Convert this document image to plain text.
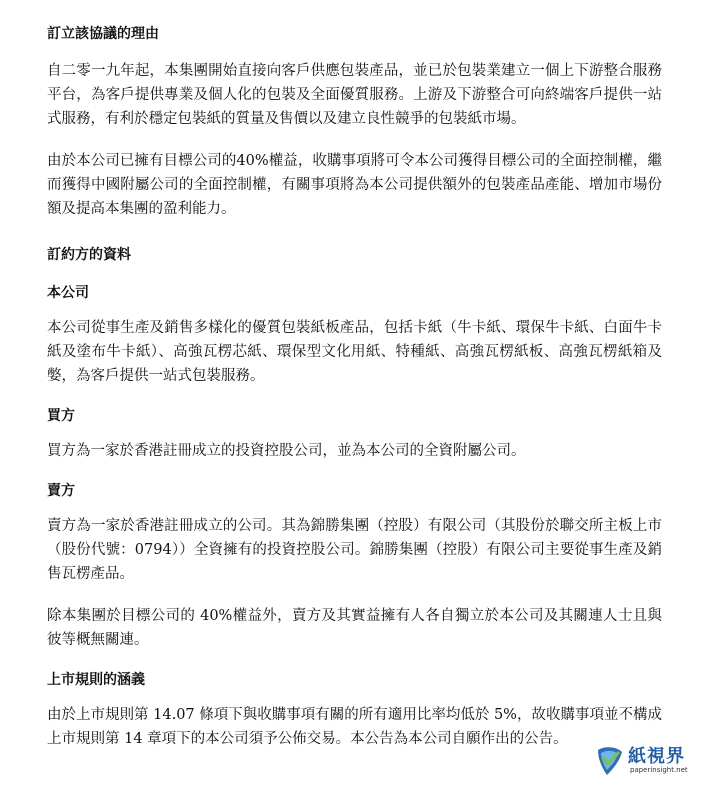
訂立該協議的理由

自二零一九年起，本集團開始直接向客戶供應包裝產品，並已於包裝業建立一個上下游整合服務平台，為客戶提供專業及個人化的包裝及全面優質服務。上游及下游整合可向終端客戶提供一站式服務，有利於穩定包裝紙的質量及售價以及建立良性競爭的包裝紙市場。

由於本公司已擁有目標公司的40%權益，收購事項將可令本公司獲得目標公司的全面控制權，繼而獲得中國附屬公司的全面控制權，有關事項將為本公司提供額外的包裝產品產能、增加市場份額及提高本集團的盈利能力。

訂約方的資料

本公司

本公司從事生產及銷售多樣化的優質包裝紙板產品，包括卡紙（牛卡紙、環保牛卡紙、白面牛卡紙及塗布牛卡紙）、高強瓦楞芯紙、環保型文化用紙、特種紙、高強瓦楞紙板、高強瓦楞紙箱及嫳，為客戶提供一站式包裝服務。

買方

買方為一家於香港註冊成立的投資控股公司，並為本公司的全資附屬公司。

賣方

賣方為一家於香港註冊成立的公司。其為錦勝集團（控股）有限公司（其股份於聯交所主板上市（股份代號：0794））全資擁有的投資控股公司。錦勝集團（控股）有限公司主要從事生產及銷售瓦楞產品。

除本集團於目標公司的 40%權益外，賣方及其實益擁有人各自獨立於本公司及其關連人士且與彼等概無關連。

上市規則的涵義

由於上市規則第 14.07 條項下與收購事項有關的所有適用比率均低於 5%，故收購事項並不構成上市規則第 14 章項下的本公司須予公佈交易。本公告為本公司自願作出的公告。

紙視界
paperinsight.net
